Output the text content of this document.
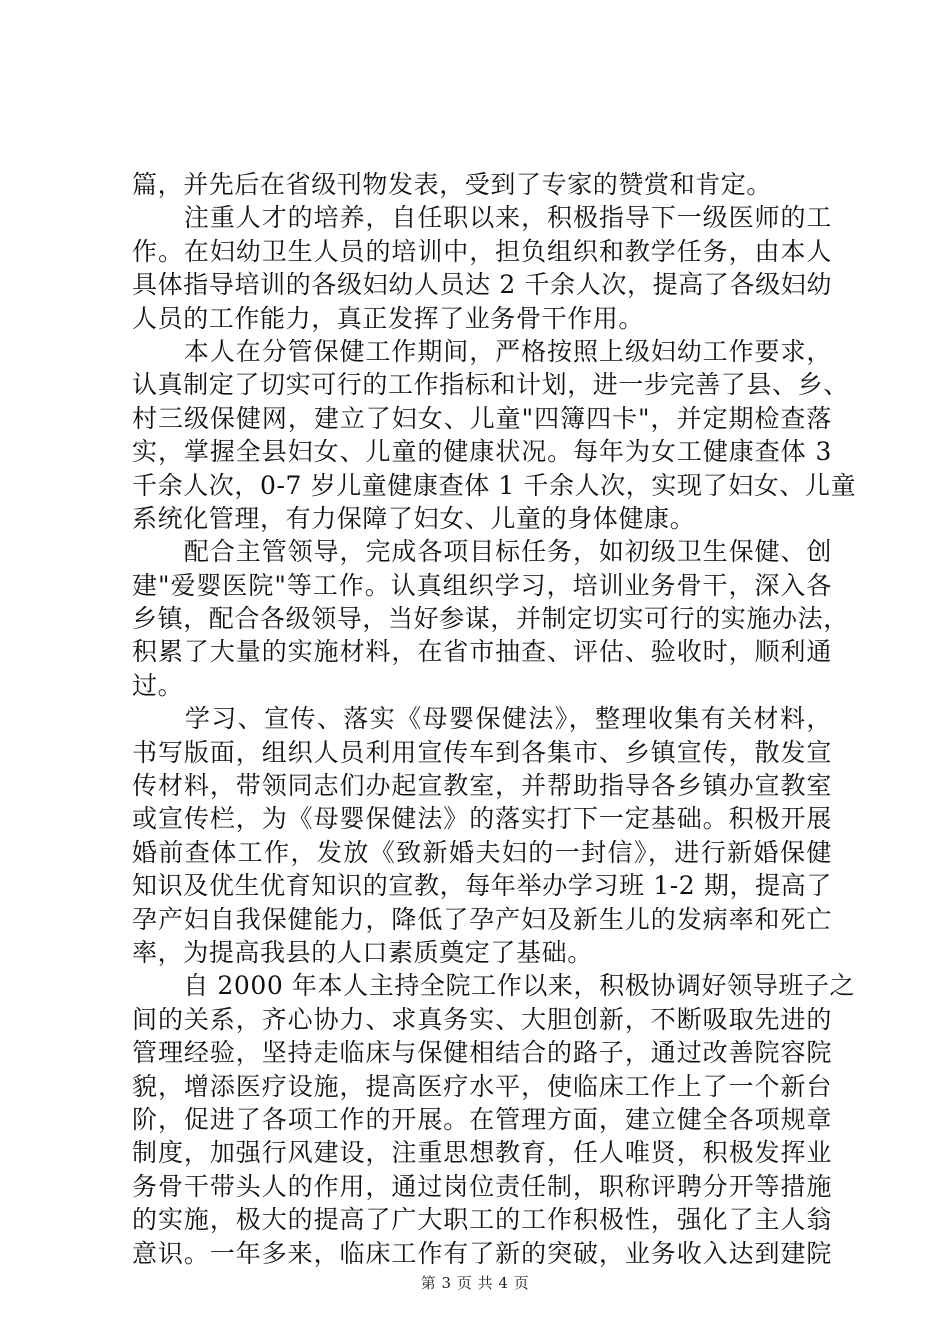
篇，并先后在省级刊物发表，受到了专家的赞赏和肯定。
　　注重人才的培养，自任职以来，积极指导下一级医师的工
作。在妇幼卫生人员的培训中，担负组织和教学任务，由本人
具体指导培训的各级妇幼人员达 2 千余人次，提高了各级妇幼
人员的工作能力，真正发挥了业务骨干作用。
　　本人在分管保健工作期间，严格按照上级妇幼工作要求，
认真制定了切实可行的工作指标和计划，进一步完善了县、乡、
村三级保健网，建立了妇女、儿童"四簿四卡"，并定期检查落
实，掌握全县妇女、儿童的健康状况。每年为女工健康查体 3
千余人次，0-7 岁儿童健康查体 1 千余人次，实现了妇女、儿童
系统化管理，有力保障了妇女、儿童的身体健康。
　　配合主管领导，完成各项目标任务，如初级卫生保健、创
建"爱婴医院"等工作。认真组织学习，培训业务骨干，深入各
乡镇，配合各级领导，当好参谋，并制定切实可行的实施办法，
积累了大量的实施材料，在省市抽查、评估、验收时，顺利通
过。
　　学习、宣传、落实《母婴保健法》，整理收集有关材料，
书写版面，组织人员利用宣传车到各集市、乡镇宣传，散发宣
传材料，带领同志们办起宣教室，并帮助指导各乡镇办宣教室
或宣传栏，为《母婴保健法》的落实打下一定基础。积极开展
婚前查体工作，发放《致新婚夫妇的一封信》，进行新婚保健
知识及优生优育知识的宣教，每年举办学习班 1-2 期，提高了
孕产妇自我保健能力，降低了孕产妇及新生儿的发病率和死亡
率，为提高我县的人口素质奠定了基础。
　　自 2000 年本人主持全院工作以来，积极协调好领导班子之
间的关系，齐心协力、求真务实、大胆创新，不断吸取先进的
管理经验，坚持走临床与保健相结合的路子，通过改善院容院
貌，增添医疗设施，提高医疗水平，使临床工作上了一个新台
阶，促进了各项工作的开展。在管理方面，建立健全各项规章
制度，加强行风建设，注重思想教育，任人唯贤，积极发挥业
务骨干带头人的作用，通过岗位责任制，职称评聘分开等措施
的实施，极大的提高了广大职工的工作积极性，强化了主人翁
意识。一年多来，临床工作有了新的突破，业务收入达到建院
第 3 页 共 4 页
